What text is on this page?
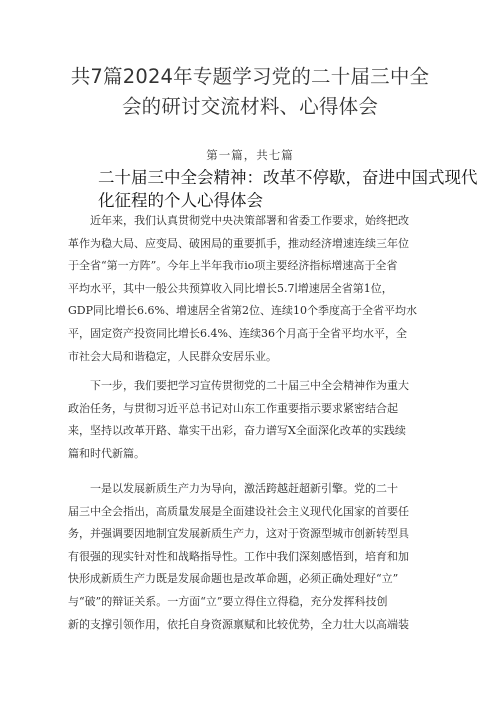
共7篇2024年专题学习党的二十届三中全
会的研讨交流材料、心得体会
第一篇，共七篇
二十届三中全会精神：改革不停歇，奋进中国式现代
化征程的个人心得体会
近年来，我们认真贯彻党中央决策部署和省委工作要求，始终把改
革作为稳大局、应变局、破困局的重要抓手，推动经济增速连续三年位
于全省“第一方阵”。今年上半年我市io项主要经济指标增速高于全省
平均水平，其中一般公共预算收入同比增长5.7∣增速居全省第1位，
GDP同比增长6.6%、增速居全省第2位、连续10个季度高于全省平均水
平，固定资产投资同比增长6.4%、连续36个月高于全省平均水平，全
市社会大局和谐稳定，人民群众安居乐业。
下一步，我们要把学习宣传贯彻党的二十届三中全会精神作为重大
政治任务，与贯彻习近平总书记对山东工作重要指示要求紧密结合起
来，坚持以改革开路、靠实干出彩，奋力谱写X全面深化改革的实践续
篇和时代新篇。
一是以发展新质生产力为导向，激活跨越赶超新引擎。党的二十
届三中全会指出，高质量发展是全面建设社会主义现代化国家的首要任
务，并强调要因地制宜发展新质生产力，这对于资源型城市创新转型具
有很强的现实针对性和战略指导性。工作中我们深刻感悟到，培育和加
快形成新质生产力既是发展命题也是改革命题，必须正确处理好“立”
与“破”的辩证关系。一方面“立”要立得住立得稳，充分发挥科技创
新的支撑引领作用，依托自身资源禀赋和比较优势，全力壮大以高端装
